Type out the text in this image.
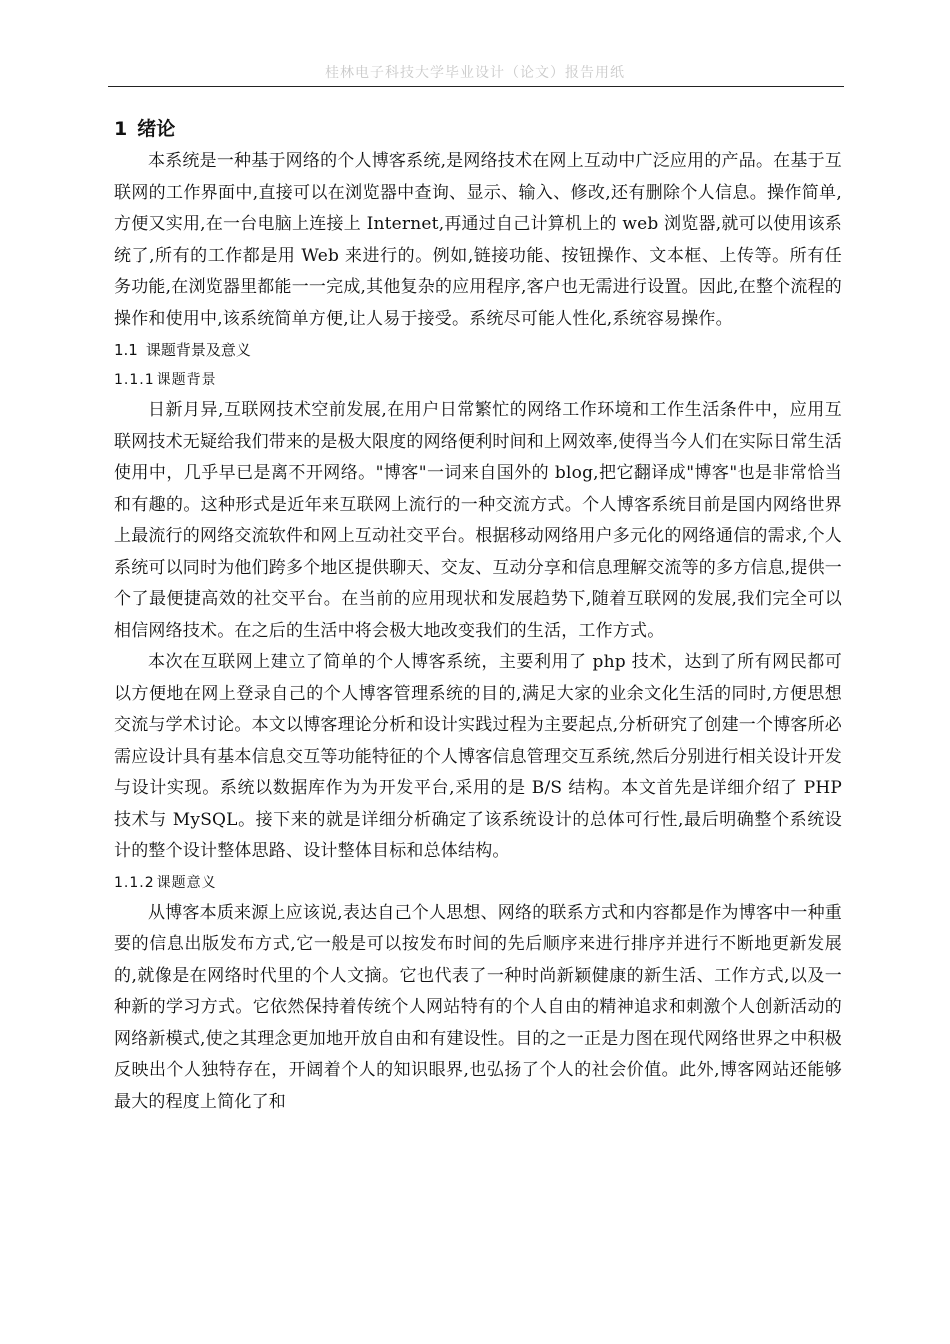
桂林电子科技大学毕业设计（论文）报告用纸
1 绪论

本系统是一种基于网络的个人博客系统,是网络技术在网上互动中广泛应用的产品。在基于互联网的工作界面中,直接可以在浏览器中查询、显示、输入、修改,还有删除个人信息。操作简单,方便又实用,在一台电脑上连接上 Internet,再通过自己计算机上的 web 浏览器,就可以使用该系统了,所有的工作都是用 Web 来进行的。例如,链接功能、按钮操作、文本框、上传等。所有任务功能,在浏览器里都能一一完成,其他复杂的应用程序,客户也无需进行设置。因此,在整个流程的操作和使用中,该系统简单方便,让人易于接受。系统尽可能人性化,系统容易操作。

1.1 课题背景及意义
1.1.1 课题背景

日新月异,互联网技术空前发展,在用户日常繁忙的网络工作环境和工作生活条件中，应用互联网技术无疑给我们带来的是极大限度的网络便利时间和上网效率,使得当今人们在实际日常生活使用中，几乎早已是离不开网络。"博客"一词来自国外的 blog,把它翻译成"博客"也是非常恰当和有趣的。这种形式是近年来互联网上流行的一种交流方式。个人博客系统目前是国内网络世界上最流行的网络交流软件和网上互动社交平台。根据移动网络用户多元化的网络通信的需求,个人系统可以同时为他们跨多个地区提供聊天、交友、互动分享和信息理解交流等的多方信息,提供一个了最便捷高效的社交平台。在当前的应用现状和发展趋势下,随着互联网的发展,我们完全可以相信网络技术。在之后的生活中将会极大地改变我们的生活，工作方式。

本次在互联网上建立了简单的个人博客系统，主要利用了 php 技术，达到了所有网民都可以方便地在网上登录自己的个人博客管理系统的目的,满足大家的业余文化生活的同时,方便思想交流与学术讨论。本文以博客理论分析和设计实践过程为主要起点,分析研究了创建一个博客所必需应设计具有基本信息交互等功能特征的个人博客信息管理交互系统,然后分别进行相关设计开发与设计实现。系统以数据库作为为开发平台,采用的是 B/S 结构。本文首先是详细介绍了 PHP 技术与 MySQL。接下来的就是详细分析确定了该系统设计的总体可行性,最后明确整个系统设计的整个设计整体思路、设计整体目标和总体结构。

1.1.2 课题意义

从博客本质来源上应该说,表达自己个人思想、网络的联系方式和内容都是作为博客中一种重要的信息出版发布方式,它一般是可以按发布时间的先后顺序来进行排序并进行不断地更新发展的,就像是在网络时代里的个人文摘。它也代表了一种时尚新颖健康的新生活、工作方式,以及一种新的学习方式。它依然保持着传统个人网站特有的个人自由的精神追求和刺激个人创新活动的网络新模式,使之其理念更加地开放自由和有建设性。目的之一正是力图在现代网络世界之中积极反映出个人独特存在，开阔着个人的知识眼界,也弘扬了个人的社会价值。此外,博客网站还能够最大的程度上简化了和
